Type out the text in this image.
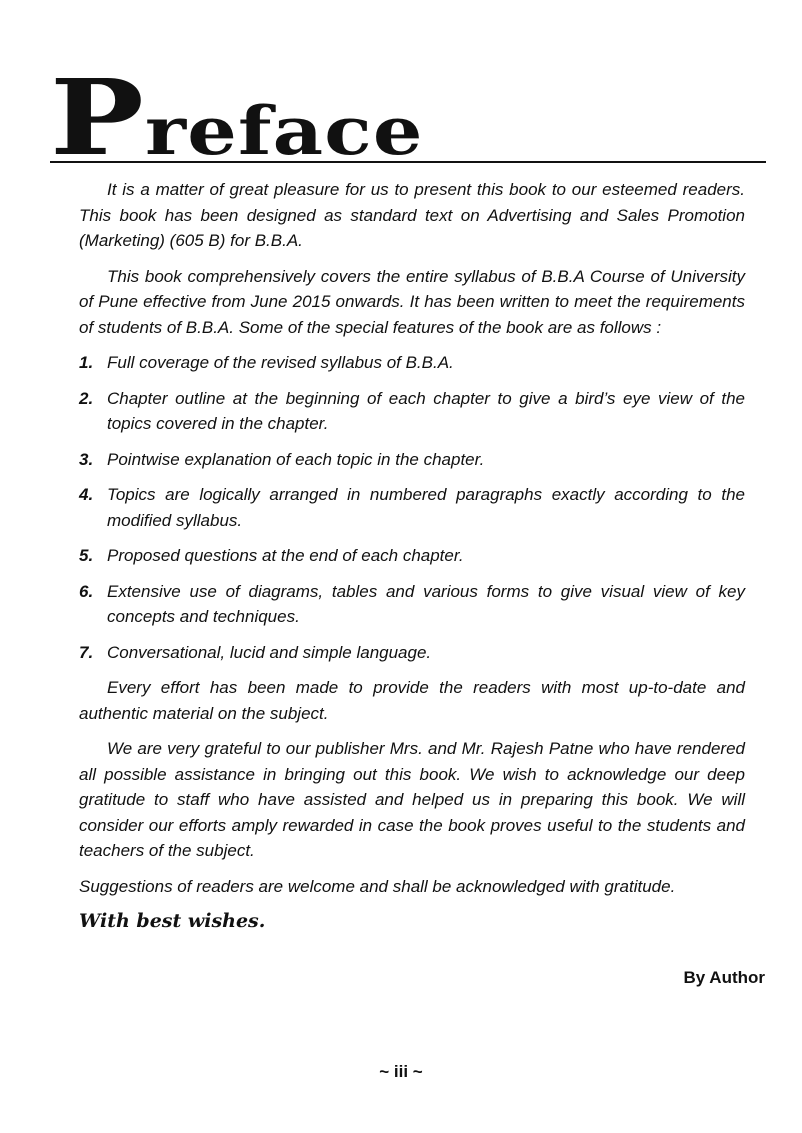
Preface

It is a matter of great pleasure for us to present this book to our esteemed readers. This book has been designed as standard text on Advertising and Sales Promotion (Marketing) (605 B) for B.B.A.

This book comprehensively covers the entire syllabus of B.B.A Course of University of Pune effective from June 2015 onwards. It has been written to meet the requirements of students of B.B.A. Some of the special features of the book are as follows :

1. Full coverage of the revised syllabus of B.B.A.
2. Chapter outline at the beginning of each chapter to give a bird’s eye view of the topics covered in the chapter.
3. Pointwise explanation of each topic in the chapter.
4. Topics are logically arranged in numbered paragraphs exactly according to the modified syllabus.
5. Proposed questions at the end of each chapter.
6. Extensive use of diagrams, tables and various forms to give visual view of key concepts and techniques.
7. Conversational, lucid and simple language.

Every effort has been made to provide the readers with most up-to-date and authentic material on the subject.

We are very grateful to our publisher Mrs. and Mr. Rajesh Patne who have rendered all possible assistance in bringing out this book. We wish to acknowledge our deep gratitude to staff who have assisted and helped us in preparing this book. We will consider our efforts amply rewarded in case the book proves useful to the students and teachers of the subject.

Suggestions of readers are welcome and shall be acknowledged with gratitude.

With best wishes.

By Author
~ iii ~
